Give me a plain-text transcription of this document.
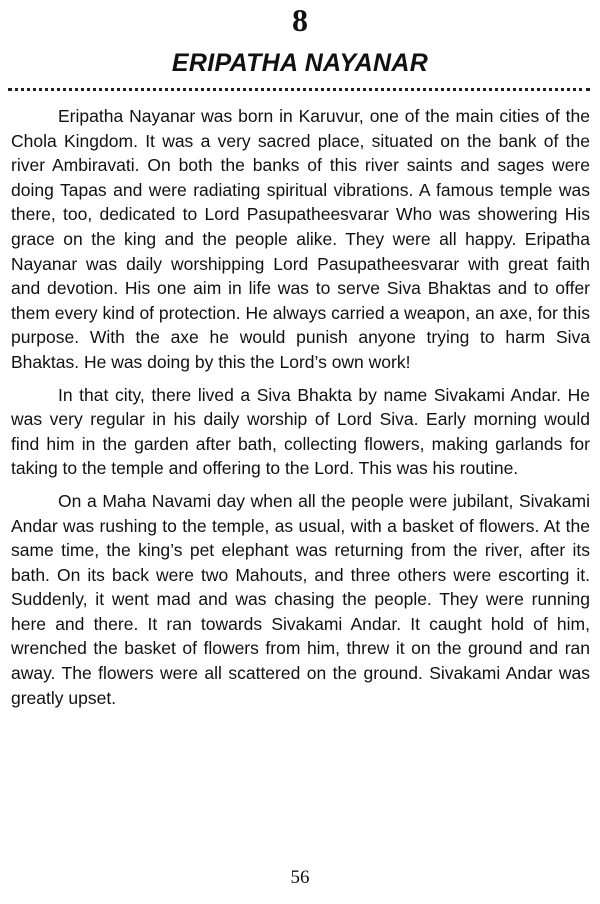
8
ERIPATHA NAYANAR

Eripatha Nayanar was born in Karuvur, one of the main cities of the Chola Kingdom. It was a very sacred place, situated on the bank of the river Ambiravati. On both the banks of this river saints and sages were doing Tapas and were radiating spiritual vibrations. A famous temple was there, too, dedicated to Lord Pasupatheesvarar Who was showering His grace on the king and the people alike. They were all happy. Eripatha Nayanar was daily worshipping Lord Pasupatheesvarar with great faith and devotion. His one aim in life was to serve Siva Bhaktas and to offer them every kind of protection. He always carried a weapon, an axe, for this purpose. With the axe he would punish anyone trying to harm Siva Bhaktas. He was doing by this the Lord’s own work!

In that city, there lived a Siva Bhakta by name Sivakami Andar. He was very regular in his daily worship of Lord Siva. Early morning would find him in the garden after bath, collecting flowers, making garlands for taking to the temple and offering to the Lord. This was his routine.

On a Maha Navami day when all the people were jubilant, Sivakami Andar was rushing to the temple, as usual, with a basket of flowers. At the same time, the king’s pet elephant was returning from the river, after its bath. On its back were two Mahouts, and three others were escorting it. Suddenly, it went mad and was chasing the people. They were running here and there. It ran towards Sivakami Andar. It caught hold of him, wrenched the basket of flowers from him, threw it on the ground and ran away. The flowers were all scattered on the ground. Sivakami Andar was greatly upset.

56
